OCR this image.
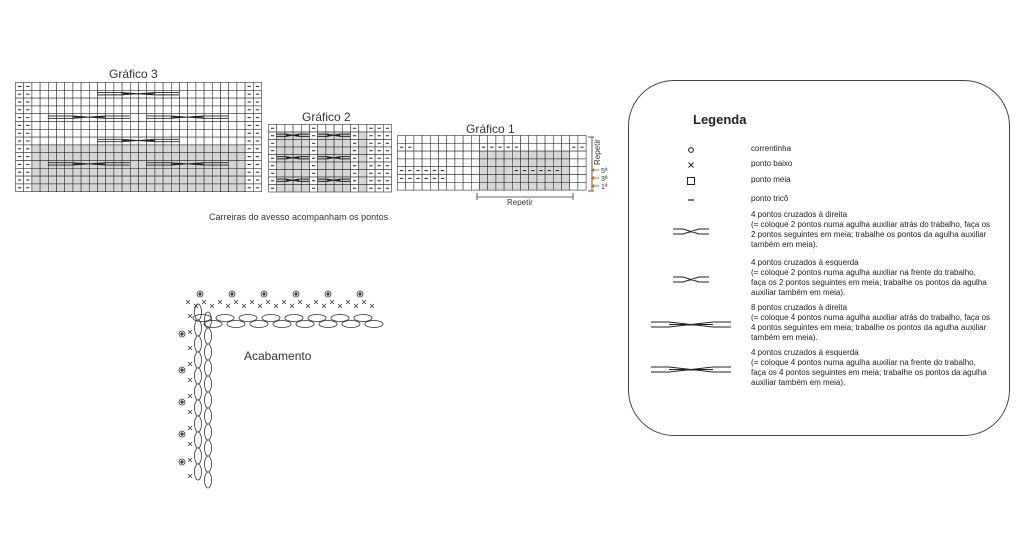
Gráfico 3
Gráfico 2
Gráfico 1
Repetir
5ª
3ª
1ª
Repetir
Carreiras do avesso acompanham os pontos
Acabamento
Legenda
correntinha
ponto baixo
ponto meia
ponto tricô
4 pontos cruzados à direita
(= coloque 2 pontos numa agulha auxiliar atrás do trabalho, faça os 2 pontos seguintes em meia; trabalhe os pontos da agulha auxiliar também em meia).
4 pontos cruzados à esquerda
(= coloque 2 pontos numa agulha auxiliar na frente do trabalho, faça os 2 pontos seguintes em meia; trabalhe os pontos da agulha auxiliar também em meia).
8 pontos cruzados à direita
(= coloque 4 pontos numa agulha auxiliar atrás do trabalho, faça os 4 pontos seguintes em meia; trabalhe os pontos da agulha auxiliar também em meia).
4 pontos cruzados à esquerda
(= coloque 4 pontos numa agulha auxiliar na frente do trabalho, faça os 4 pontos seguintes em meia; trabalhe os pontos da agulha auxiliar também em meia).
